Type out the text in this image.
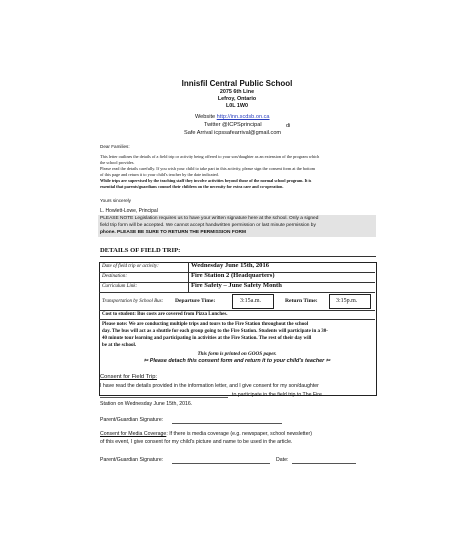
Innisfil Central Public School
2075 6th Line
Lefroy, Ontario
L0L 1W0
Website http://inn.scdsb.on.ca
Twitter @ICPSprincipal	di
Safe Arrival icpssafearrival@gmail.com
Dear Families:
This letter outlines the details of a field trip or activity being offered to your son/daughter as an extension of the program which
the school provides.
Please read the details carefully. If you wish your child to take part in this activity, please sign the consent form at the bottom
of this page and return it to your child's teacher by the date indicated.
While trips are supervised by the teaching staff they involve activities beyond those of the normal school program. It is
essential that parents/guardians counsel their children on the necessity for extra care and co-operation.
Yours sincerely
L. Howlett-Lowe, Principal
PLEASE NOTE Legislation requires us to have your written signature here at the school. Only a signed
field trip form will be accepted. We cannot accept handwritten permission or last minute permission by
phone. PLEASE BE SURE TO RETURN THE PERMISSION FORM
DETAILS OF FIELD TRIP:
Date of field trip or activity:	Wednesday June 15th, 2016
Destination:	Fire Station 2 (Headquarters)
Curriculum Link:	Fire Safety – June Safety Month
Transportation by School Bus: Departure Time:	3:15a.m.	Return Time:	3:15p.m.
Cost to student: Bus costs are covered from Pizza Lunches.
Please note: We are conducting multiple trips and tours to the Fire Station throughout the school
day. The bus will act as a shuttle for each group going to the Fire Station. Students will participate in a 30-
40 minute tour learning and participating in activities at the Fire Station. The rest of their day will
be at the school.
This form is printed on GOOS paper.
✂ Please detach this consent form and return it to your child's teacher ✂
Consent for Field Trip:
I have read the details provided in the information letter, and I give consent for my son/daughter
to participate in the field trip to The Fire
Station on Wednesday June 15th, 2016.
Parent/Guardian Signature:
Consent for Media Coverage: If there is media coverage (e.g. newspaper, school newsletter)
of this event, I give consent for my child's picture and name to be used in the article.
Parent/Guardian Signature:	Date:
